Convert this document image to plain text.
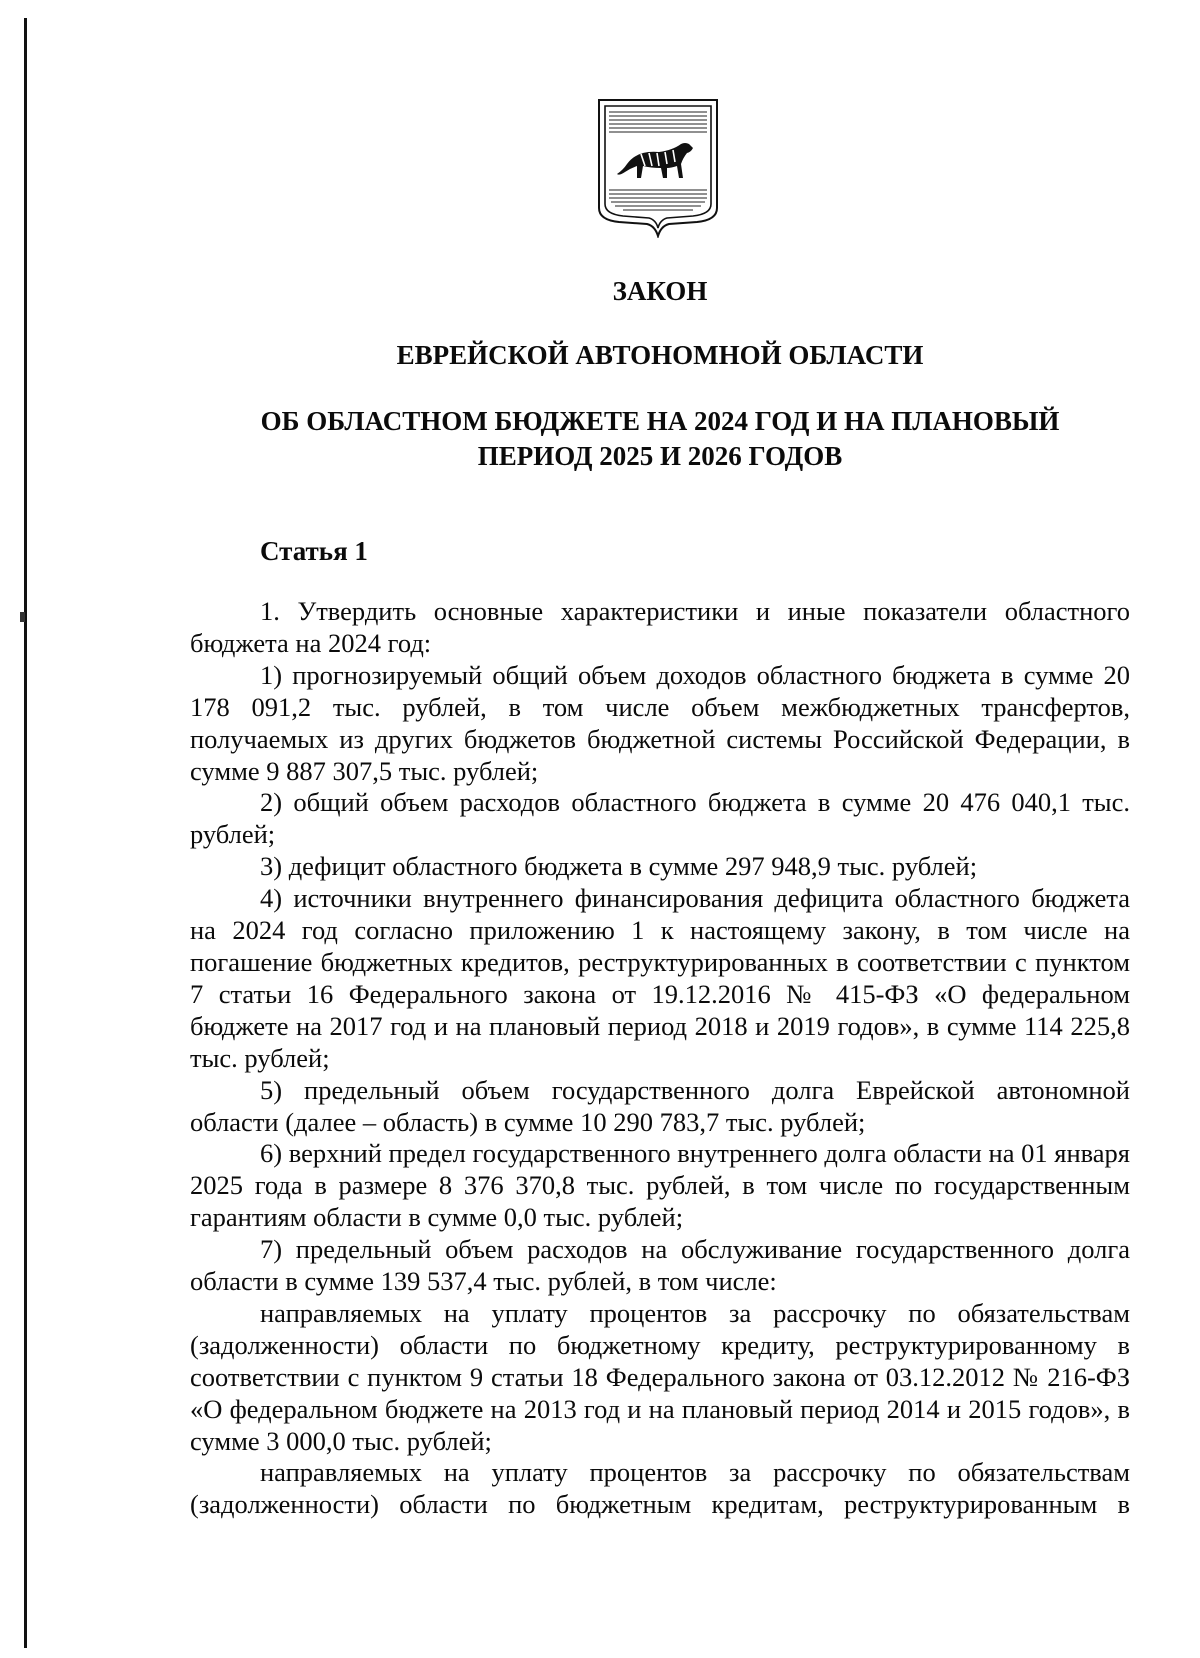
ЗАКОН
ЕВРЕЙСКОЙ АВТОНОМНОЙ ОБЛАСТИ
ОБ ОБЛАСТНОМ БЮДЖЕТЕ НА 2024 ГОД И НА ПЛАНОВЫЙ
ПЕРИОД 2025 И 2026 ГОДОВ
Статья 1

1. Утвердить основные характеристики и иные показатели областного бюджета на 2024 год:

1) прогнозируемый общий объем доходов областного бюджета в сумме 20 178 091,2 тыс. рублей, в том числе объем межбюджетных трансфертов, получаемых из других бюджетов бюджетной системы Российской Федерации, в сумме 9 887 307,5 тыс. рублей;

2) общий объем расходов областного бюджета в сумме 20 476 040,1 тыс. рублей;

3) дефицит областного бюджета в сумме 297 948,9 тыс. рублей;

4) источники внутреннего финансирования дефицита областного бюджета на 2024 год согласно приложению 1 к настоящему закону, в том числе на погашение бюджетных кредитов, реструктурированных в соответствии с пунктом 7 статьи 16 Федерального закона от 19.12.2016 № 415-ФЗ «О федеральном бюджете на 2017 год и на плановый период 2018 и 2019 годов», в сумме 114 225,8 тыс. рублей;

5) предельный объем государственного долга Еврейской автономной области (далее – область) в сумме 10 290 783,7 тыс. рублей;

6) верхний предел государственного внутреннего долга области на 01 января 2025 года в размере 8 376 370,8 тыс. рублей, в том числе по государственным гарантиям области в сумме 0,0 тыс. рублей;

7) предельный объем расходов на обслуживание государственного долга области в сумме 139 537,4 тыс. рублей, в том числе:

направляемых на уплату процентов за рассрочку по обязательствам (задолженности) области по бюджетному кредиту, реструктурированному в соответствии с пунктом 9 статьи 18 Федерального закона от 03.12.2012 № 216-ФЗ «О федеральном бюджете на 2013 год и на плановый период 2014 и 2015 годов», в сумме 3 000,0 тыс. рублей;

направляемых на уплату процентов за рассрочку по обязательствам (задолженности) области по бюджетным кредитам, реструктурированным в
